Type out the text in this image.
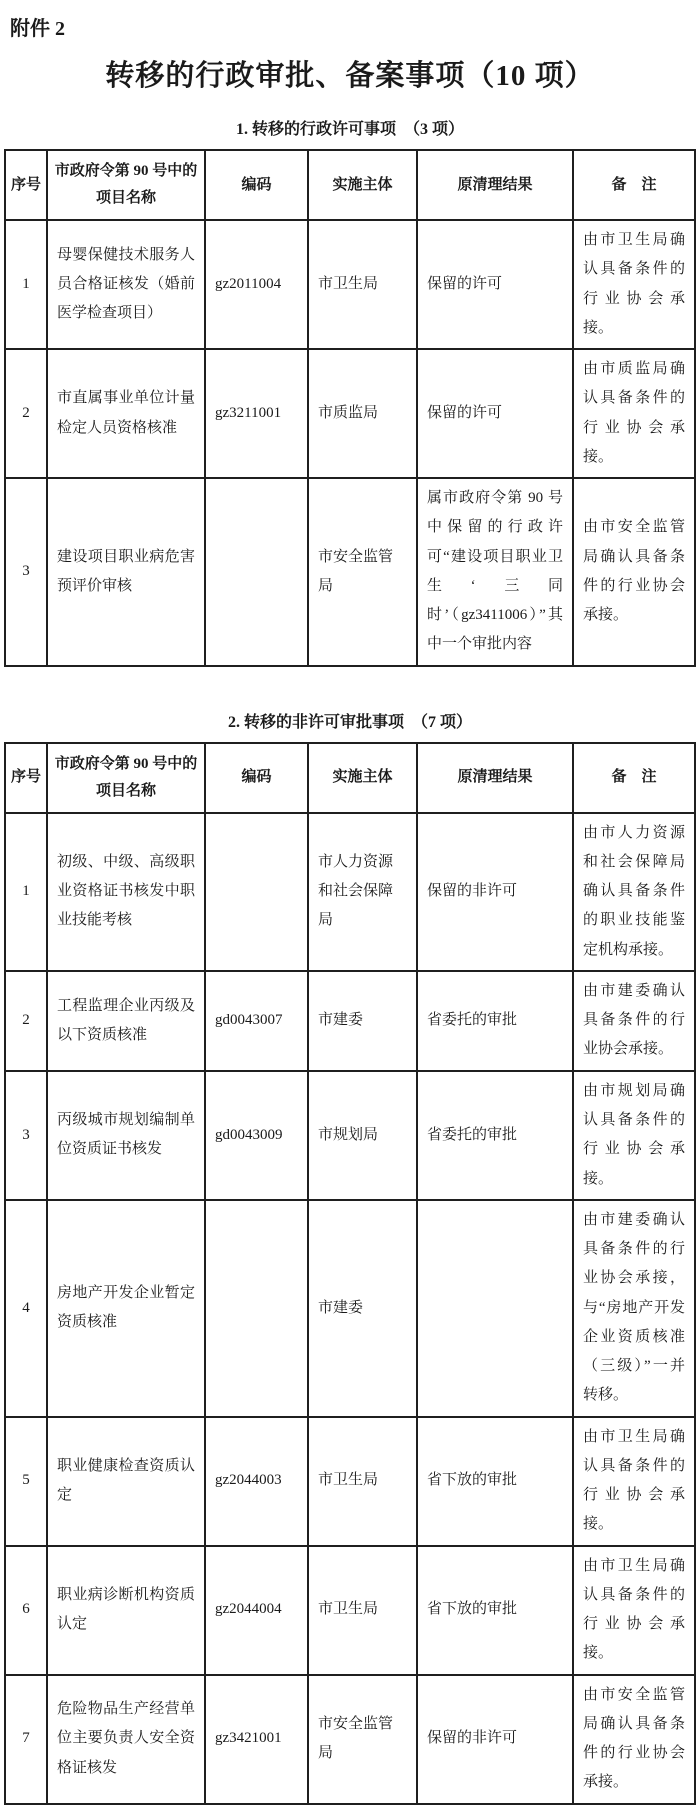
附件 2
转移的行政审批、备案事项（10 项）
1. 转移的行政许可事项　（3 项）
序号	市政府令第 90 号中的项目名称	编码	实施主体	原清理结果	备　注
1	母婴保健技术服务人员合格证核发（婚前医学检查项目）	gz2011004	市卫生局	保留的许可	由市卫生局确认具备条件的行业协会承接。
2	市直属事业单位计量检定人员资格核准	gz3211001	市质监局	保留的许可	由市质监局确认具备条件的行业协会承接。
3	建设项目职业病危害预评价审核		市安全监管局	属市政府令第 90 号中保留的行政许可“建设项目职业卫生‘三同时’（gz3411006）”其中一个审批内容	由市安全监管局确认具备条件的行业协会承接。
2. 转移的非许可审批事项　（7 项）
序号	市政府令第 90 号中的项目名称	编码	实施主体	原清理结果	备　注
1	初级、中级、高级职业资格证书核发中职业技能考核		市人力资源和社会保障局	保留的非许可	由市人力资源和社会保障局确认具备条件的职业技能鉴定机构承接。
2	工程监理企业丙级及以下资质核准	gd0043007	市建委	省委托的审批	由市建委确认具备条件的行业协会承接。
3	丙级城市规划编制单位资质证书核发	gd0043009	市规划局	省委托的审批	由市规划局确认具备条件的行业协会承接。
4	房地产开发企业暂定资质核准		市建委		由市建委确认具备条件的行业协会承接，与“房地产开发企业资质核准（三级）”一并转移。
5	职业健康检查资质认定	gz2044003	市卫生局	省下放的审批	由市卫生局确认具备条件的行业协会承接。
6	职业病诊断机构资质认定	gz2044004	市卫生局	省下放的审批	由市卫生局确认具备条件的行业协会承接。
7	危险物品生产经营单位主要负责人安全资格证核发	gz3421001	市安全监管局	保留的非许可	由市安全监管局确认具备条件的行业协会承接。
